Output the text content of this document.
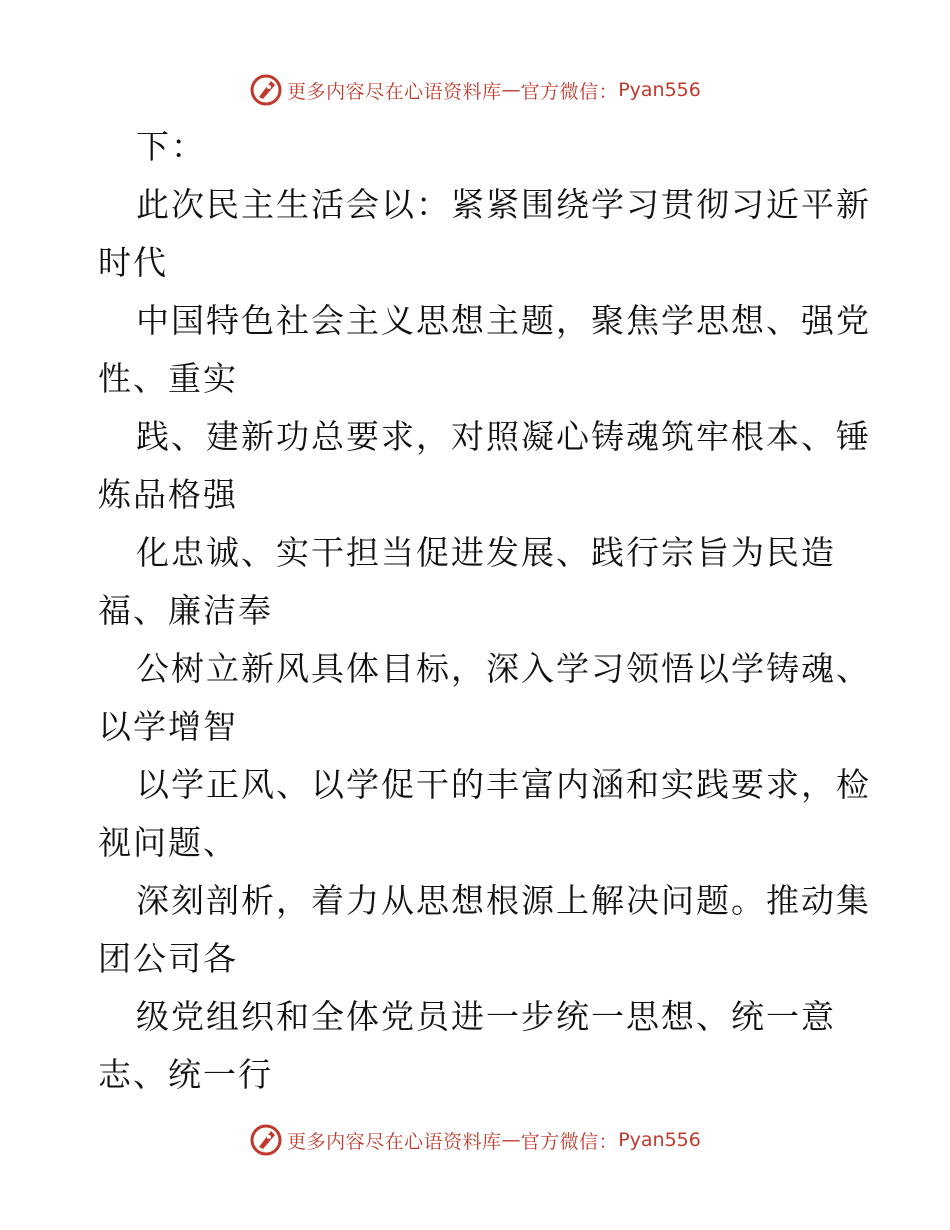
更多内容尽在心语资料库 — 官方微信： Pyan556
下：
此次民主生活会以：紧紧围绕学习贯彻习近平新
时代
中国特色社会主义思想主题，聚焦学思想、强党
性、重实
践、建新功总要求，对照凝心铸魂筑牢根本、锤
炼品格强
化忠诚、实干担当促进发展、践行宗旨为民造
福、廉洁奉
公树立新风具体目标，深入学习领悟以学铸魂、
以学增智
以学正风、以学促干的丰富内涵和实践要求，检
视问题、
深刻剖析，着力从思想根源上解决问题。推动集
团公司各
级党组织和全体党员进一步统一思想、统一意
志、统一行
更多内容尽在心语资料库 — 官方微信： Pyan556
